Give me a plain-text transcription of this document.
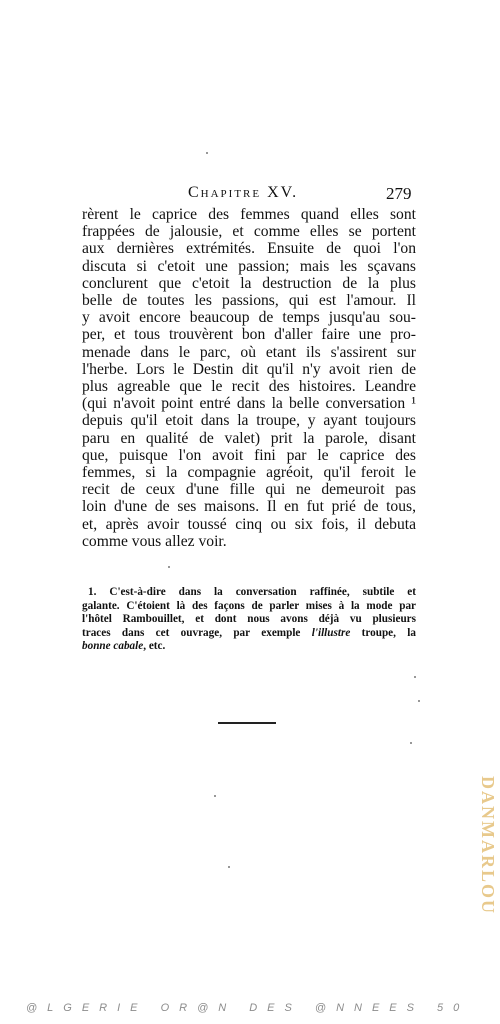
Chapitre XV.	279
rèrent le caprice des femmes quand elles sont
frappées de jalousie, et comme elles se portent
aux dernières extrémités. Ensuite de quoi l'on
discuta si c'etoit une passion; mais les sçavans
conclurent que c'etoit la destruction de la plus
belle de toutes les passions, qui est l'amour. Il
y avoit encore beaucoup de temps jusqu'au sou-
per, et tous trouvèrent bon d'aller faire une pro-
menade dans le parc, où etant ils s'assirent sur
l'herbe. Lors le Destin dit qu'il n'y avoit rien de
plus agreable que le recit des histoires. Leandre
(qui n'avoit point entré dans la belle conversation ¹
depuis qu'il etoit dans la troupe, y ayant toujours
paru en qualité de valet) prit la parole, disant
que, puisque l'on avoit fini par le caprice des
femmes, si la compagnie agréoit, qu'il feroit le
recit de ceux d'une fille qui ne demeuroit pas
loin d'une de ses maisons. Il en fut prié de tous,
et, après avoir toussé cinq ou six fois, il debuta
comme vous allez voir.
1. C'est-à-dire dans la conversation raffinée, subtile et
galante. C'étoient là des façons de parler mises à la mode par
l'hôtel Rambouillet, et dont nous avons déjà vu plusieurs
traces dans cet ouvrage, par exemple l'illustre troupe, la
bonne cabale, etc.
DANMARLOU
@LGERIE OR@N DES @NNEES 50
